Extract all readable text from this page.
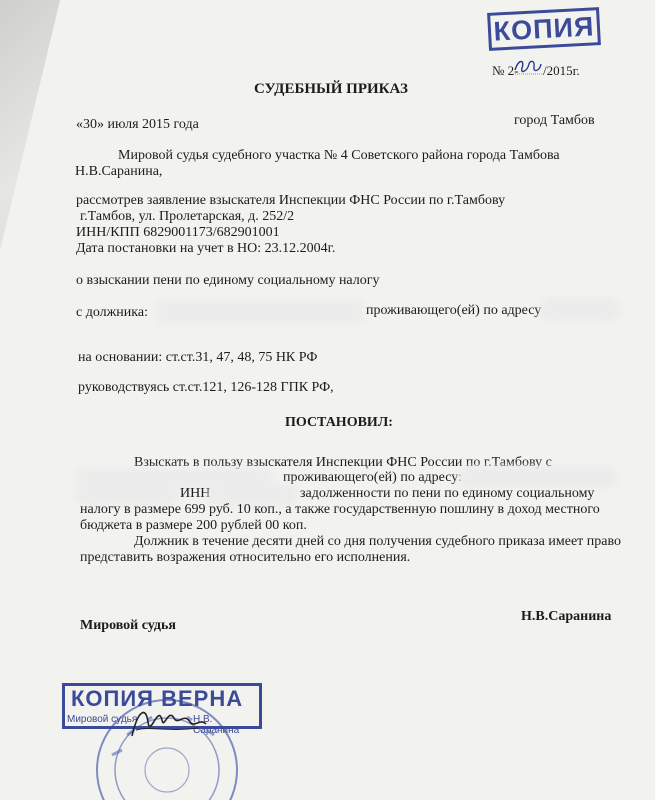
КОПИЯ
№ 2- /2015г.
СУДЕБНЫЙ ПРИКАЗ
«30» июля 2015 года	город Тамбов
Мировой судья судебного участка № 4 Советского района города Тамбова
Н.В.Саранина,
рассмотрев заявление взыскателя Инспекции ФНС России по г.Тамбову
г.Тамбов, ул. Пролетарская, д. 252/2
ИНН/КПП 6829001173/682901001
Дата постановки на учет в НО: 23.12.2004г.
о взыскании пени по единому социальному налогу
с должника:	проживающего(ей) по адресу
на основании: ст.ст.31, 47, 48, 75 НК РФ
руководствуясь ст.ст.121, 126-128 ГПК РФ,
ПОСТАНОВИЛ:
Взыскать в пользу взыскателя Инспекции ФНС России по г.Тамбову с
проживающего(ей) по адресу:
ИНН	задолженности по пени по единому социальному
налогу в размере 699 руб. 10 коп., а также государственную пошлину в доход местного
бюджета в размере 200 рублей 00 коп.
Должник в течение десяти дней со дня получения судебного приказа имеет право
представить возражения относительно его исполнения.
Мировой судья
Н.В.Саранина
КОПИЯ ВЕРНА
Мировой судья	Н.В. Саранина
